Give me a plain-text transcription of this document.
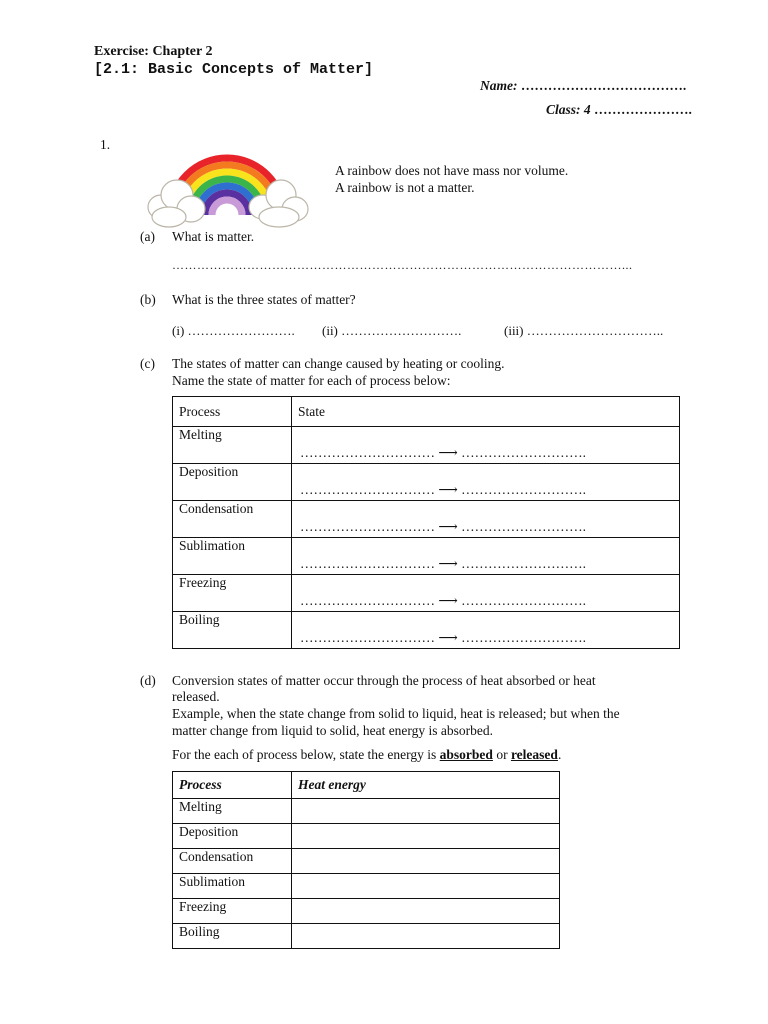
Exercise: Chapter 2
[2.1: Basic Concepts of Matter]
Name: ……………………………….
Class: 4 ………………….
1.
A rainbow does not have mass nor volume.
A rainbow is not a matter.
(a) What is matter.
………………………………………………………………………………………………...
(b) What is the three states of matter?
(i) ……………………. (ii) ……………………….	(iii) …………………………..
(c) The states of matter can change caused by heating or cooling.
Name the state of matter for each of process below:
Process	State
Melting	………………………… ⟶ ……………………….
Deposition	………………………… ⟶ ……………………….
Condensation	………………………… ⟶ ……………………….
Sublimation	………………………… ⟶ ……………………….
Freezing	………………………… ⟶ ……………………….
Boiling	………………………… ⟶ ……………………….
(d) Conversion states of matter occur through the process of heat absorbed or heat
released.
Example, when the state change from solid to liquid, heat is released; but when the
matter change from liquid to solid, heat energy is absorbed.
For the each of process below, state the energy is absorbed or released.
Process	Heat energy
Melting	
Deposition	
Condensation	
Sublimation	
Freezing	
Boiling	
